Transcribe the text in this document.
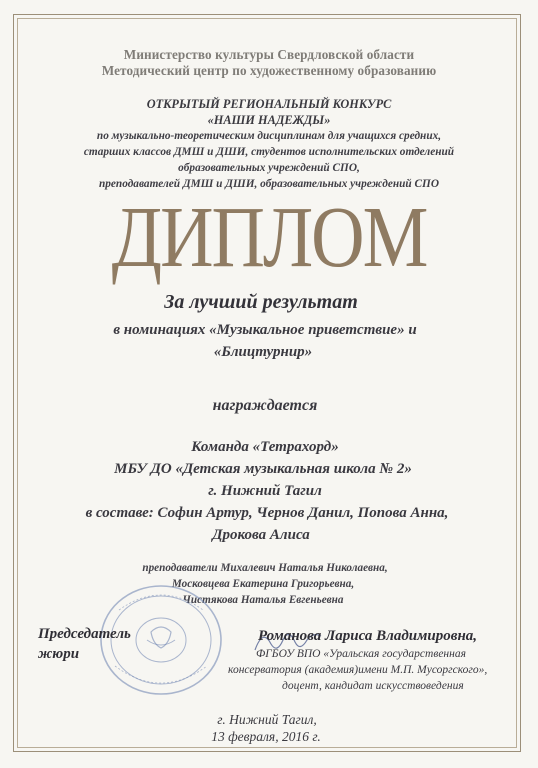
Министерство культуры Свердловской области
Методический центр по художественному образованию
ОТКРЫТЫЙ РЕГИОНАЛЬНЫЙ КОНКУРС
«НАШИ НАДЕЖДЫ»
по музыкально-теоретическим дисциплинам для учащихся средних,
старших классов ДМШ и ДШИ, студентов исполнительских отделений
образовательных учреждений СПО,
преподавателей ДМШ и ДШИ, образовательных учреждений СПО
ДИПЛОМ
За лучший результат
в номинациях «Музыкальное приветствие» и
«Блицтурнир»
награждается
Команда «Тетрахорд»
МБУ ДО «Детская музыкальная школа № 2»
г. Нижний Тагил
в составе: Софин Артур, Чернов Данил, Попова Анна,
Дрокова Алиса
преподаватели Михалевич Наталья Николаевна,
Московцева Екатерина Григорьевна,
Чистякова Наталья Евгеньевна
Председатель
жюри
Романова Лариса Владимировна,
ФГБОУ ВПО «Уральская государственная
консерватория (академия)имени М.П. Мусоргского»,
доцент, кандидат искусствоведения
г. Нижний Тагил,
13 февраля, 2016 г.
